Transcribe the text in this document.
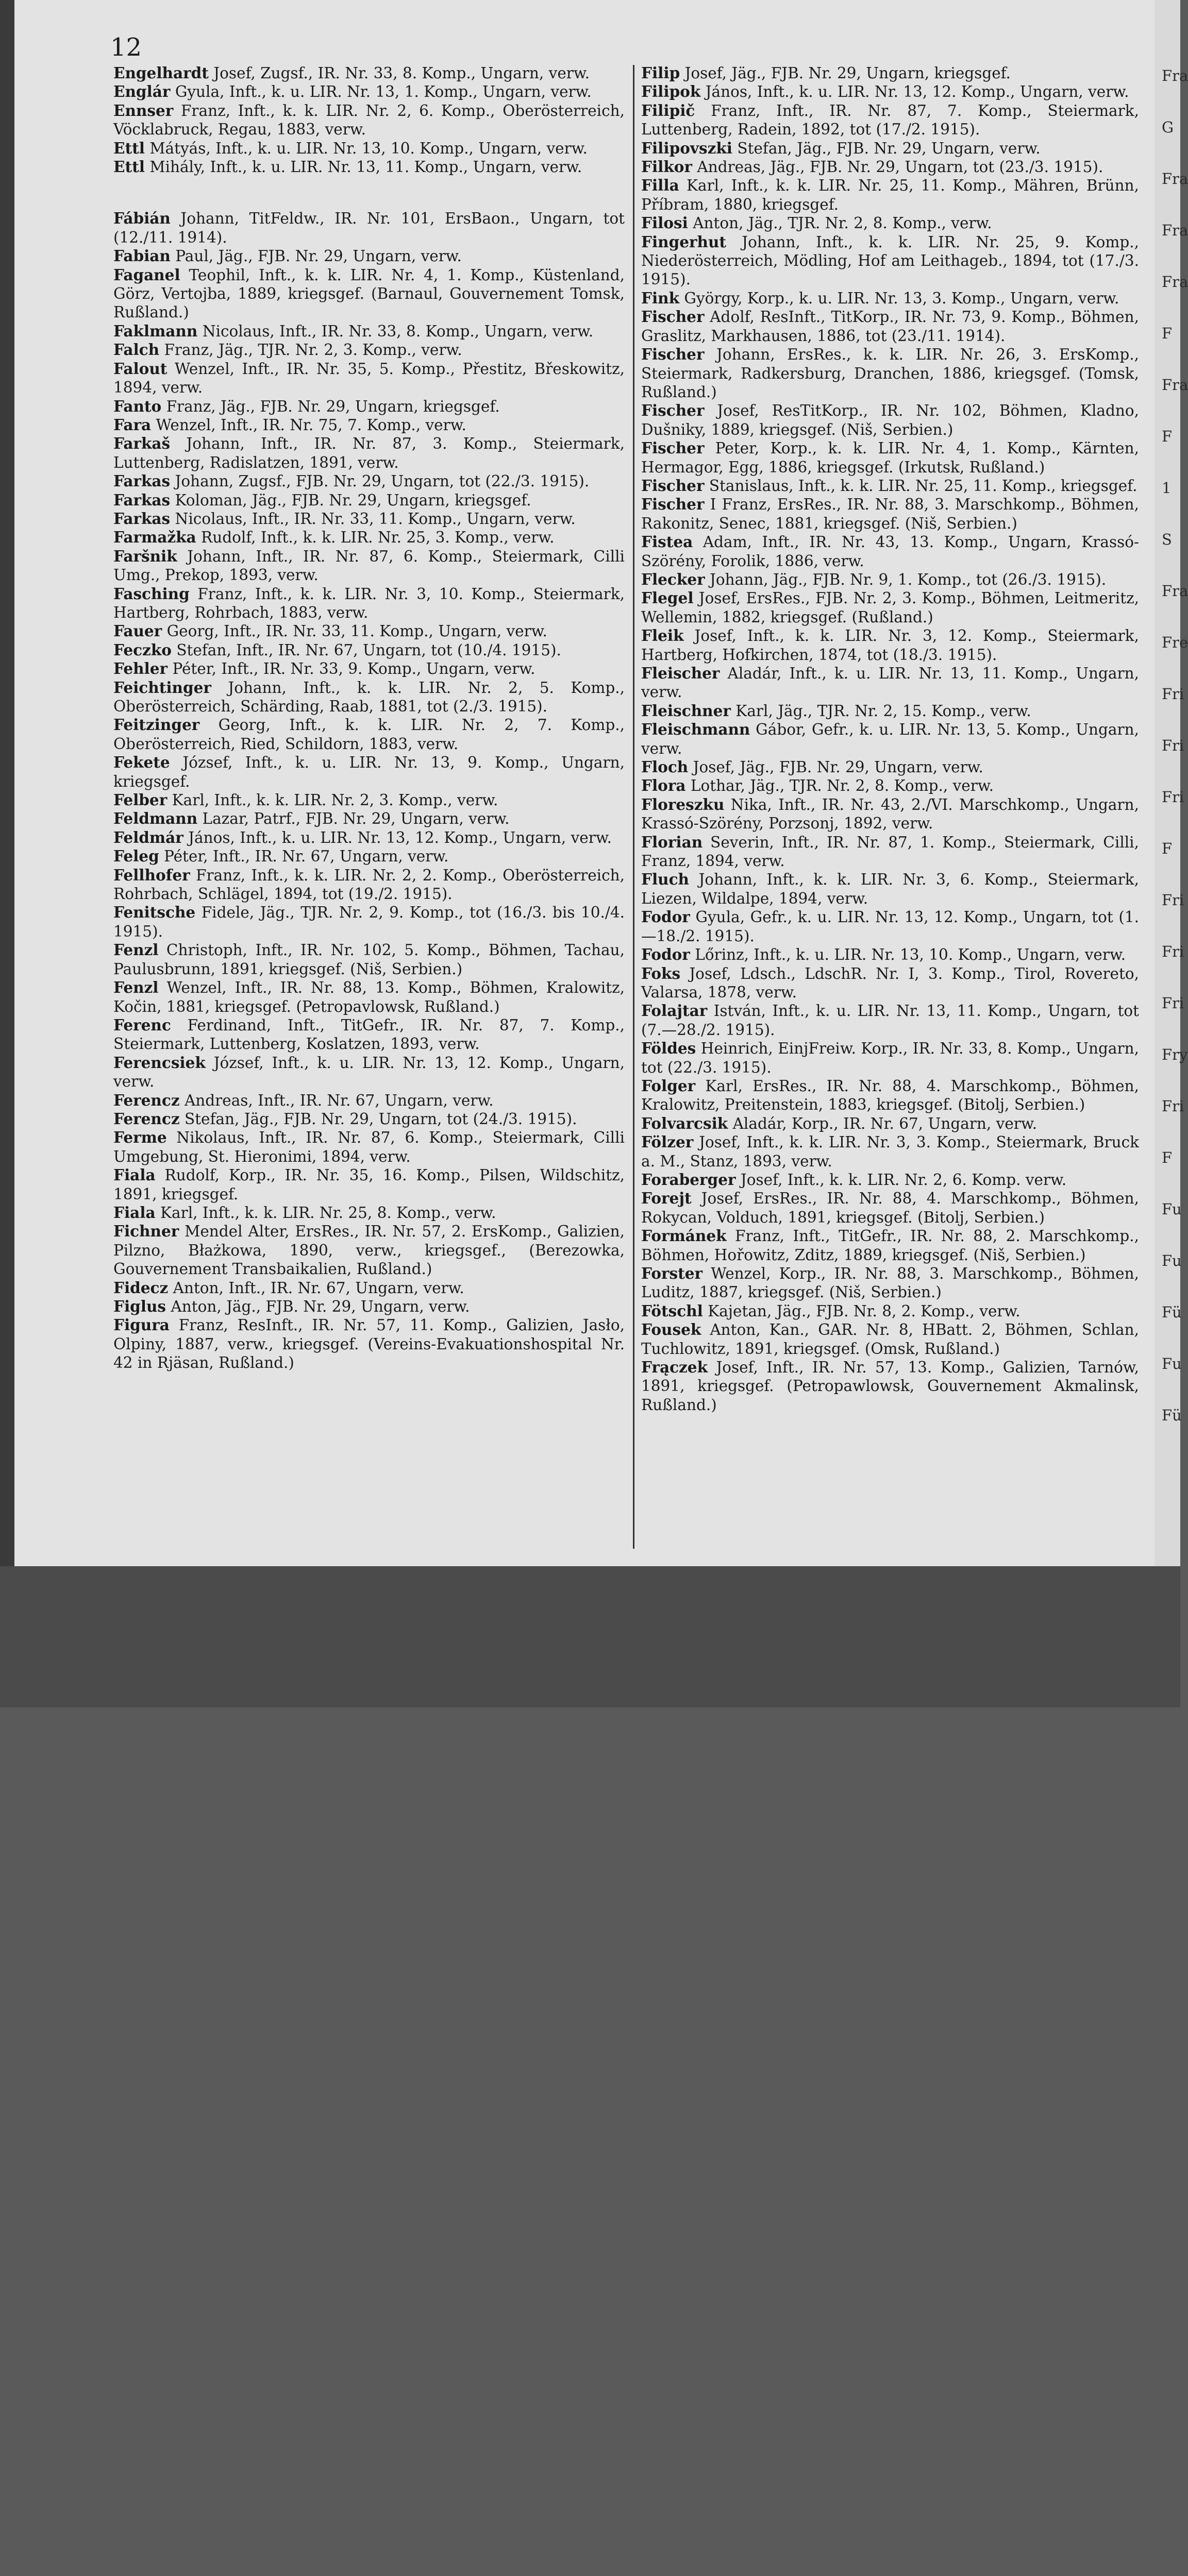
12

Engelhardt Josef, Zugsf., IR. Nr. 33, 8. Komp., Ungarn, verw.

Englár Gyula, Inft., k. u. LIR. Nr. 13, 1. Komp., Ungarn, verw.

Ennser Franz, Inft., k. k. LIR. Nr. 2, 6. Komp., Oberösterreich, Vöcklabruck, Regau, 1883, verw.

Ettl Mátyás, Inft., k. u. LIR. Nr. 13, 10. Komp., Ungarn, verw.

Ettl Mihály, Inft., k. u. LIR. Nr. 13, 11. Komp., Ungarn, verw.

Fábián Johann, TitFeldw., IR. Nr. 101, ErsBaon., Ungarn, tot (12./11. 1914).

Fabian Paul, Jäg., FJB. Nr. 29, Ungarn, verw.

Faganel Teophil, Inft., k. k. LIR. Nr. 4, 1. Komp., Küstenland, Görz, Vertojba, 1889, kriegsgef. (Barnaul, Gouvernement Tomsk, Rußland.)

Faklmann Nicolaus, Inft., IR. Nr. 33, 8. Komp., Ungarn, verw.

Falch Franz, Jäg., TJR. Nr. 2, 3. Komp., verw.

Falout Wenzel, Inft., IR. Nr. 35, 5. Komp., Přestitz, Břeskowitz, 1894, verw.

Fanto Franz, Jäg., FJB. Nr. 29, Ungarn, kriegsgef.

Fara Wenzel, Inft., IR. Nr. 75, 7. Komp., verw.

Farkaš Johann, Inft., IR. Nr. 87, 3. Komp., Steiermark, Luttenberg, Radislatzen, 1891, verw.

Farkas Johann, Zugsf., FJB. Nr. 29, Ungarn, tot (22./3. 1915).

Farkas Koloman, Jäg., FJB. Nr. 29, Ungarn, kriegsgef.

Farkas Nicolaus, Inft., IR. Nr. 33, 11. Komp., Ungarn, verw.

Farmažka Rudolf, Inft., k. k. LIR. Nr. 25, 3. Komp., verw.

Faršnik Johann, Inft., IR. Nr. 87, 6. Komp., Steiermark, Cilli Umg., Prekop, 1893, verw.

Fasching Franz, Inft., k. k. LIR. Nr. 3, 10. Komp., Steiermark, Hartberg, Rohrbach, 1883, verw.

Fauer Georg, Inft., IR. Nr. 33, 11. Komp., Ungarn, verw.

Feczko Stefan, Inft., IR. Nr. 67, Ungarn, tot (10./4. 1915).

Fehler Péter, Inft., IR. Nr. 33, 9. Komp., Ungarn, verw.

Feichtinger Johann, Inft., k. k. LIR. Nr. 2, 5. Komp., Oberösterreich, Schärding, Raab, 1881, tot (2./3. 1915).

Feitzinger Georg, Inft., k. k. LIR. Nr. 2, 7. Komp., Oberösterreich, Ried, Schildorn, 1883, verw.

Fekete József, Inft., k. u. LIR. Nr. 13, 9. Komp., Ungarn, kriegsgef.

Felber Karl, Inft., k. k. LIR. Nr. 2, 3. Komp., verw.

Feldmann Lazar, Patrf., FJB. Nr. 29, Ungarn, verw.

Feldmár János, Inft., k. u. LIR. Nr. 13, 12. Komp., Ungarn, verw.

Feleg Péter, Inft., IR. Nr. 67, Ungarn, verw.

Fellhofer Franz, Inft., k. k. LIR. Nr. 2, 2. Komp., Oberösterreich, Rohrbach, Schlägel, 1894, tot (19./2. 1915).

Fenitsche Fidele, Jäg., TJR. Nr. 2, 9. Komp., tot (16./3. bis 10./4. 1915).

Fenzl Christoph, Inft., IR. Nr. 102, 5. Komp., Böhmen, Tachau, Paulusbrunn, 1891, kriegsgef. (Niš, Serbien.)

Fenzl Wenzel, Inft., IR. Nr. 88, 13. Komp., Böhmen, Kralowitz, Kočin, 1881, kriegsgef. (Petropavlowsk, Rußland.)

Ferenc Ferdinand, Inft., TitGefr., IR. Nr. 87, 7. Komp., Steiermark, Luttenberg, Koslatzen, 1893, verw.

Ferencsiek József, Inft., k. u. LIR. Nr. 13, 12. Komp., Ungarn, verw.

Ferencz Andreas, Inft., IR. Nr. 67, Ungarn, verw.

Ferencz Stefan, Jäg., FJB. Nr. 29, Ungarn, tot (24./3. 1915).

Ferme Nikolaus, Inft., IR. Nr. 87, 6. Komp., Steiermark, Cilli Umgebung, St. Hieronimi, 1894, verw.

Fiala Rudolf, Korp., IR. Nr. 35, 16. Komp., Pilsen, Wildschitz, 1891, kriegsgef.

Fiala Karl, Inft., k. k. LIR. Nr. 25, 8. Komp., verw.

Fichner Mendel Alter, ErsRes., IR. Nr. 57, 2. ErsKomp., Galizien, Pilzno, Błażkowa, 1890, verw., kriegsgef., (Berezowka, Gouvernement Transbaikalien, Rußland.)

Fidecz Anton, Inft., IR. Nr. 67, Ungarn, verw.

Figlus Anton, Jäg., FJB. Nr. 29, Ungarn, verw.

Figura Franz, ResInft., IR. Nr. 57, 11. Komp., Galizien, Jasło, Olpiny, 1887, verw., kriegsgef. (Vereins-Evakuationshospital Nr. 42 in Rjäsan, Rußland.)

Filip Josef, Jäg., FJB. Nr. 29, Ungarn, kriegsgef.

Filipok János, Inft., k. u. LIR. Nr. 13, 12. Komp., Ungarn, verw.

Filipič Franz, Inft., IR. Nr. 87, 7. Komp., Steiermark, Luttenberg, Radein, 1892, tot (17./2. 1915).

Filipovszki Stefan, Jäg., FJB. Nr. 29, Ungarn, verw.

Filkor Andreas, Jäg., FJB. Nr. 29, Ungarn, tot (23./3. 1915).

Filla Karl, Inft., k. k. LIR. Nr. 25, 11. Komp., Mähren, Brünn, Příbram, 1880, kriegsgef.

Filosi Anton, Jäg., TJR. Nr. 2, 8. Komp., verw.

Fingerhut Johann, Inft., k. k. LIR. Nr. 25, 9. Komp., Niederösterreich, Mödling, Hof am Leithageb., 1894, tot (17./3. 1915).

Fink György, Korp., k. u. LIR. Nr. 13, 3. Komp., Ungarn, verw.

Fischer Adolf, ResInft., TitKorp., IR. Nr. 73, 9. Komp., Böhmen, Graslitz, Markhausen, 1886, tot (23./11. 1914).

Fischer Johann, ErsRes., k. k. LIR. Nr. 26, 3. ErsKomp., Steiermark, Radkersburg, Dranchen, 1886, kriegsgef. (Tomsk, Rußland.)

Fischer Josef, ResTitKorp., IR. Nr. 102, Böhmen, Kladno, Dušniky, 1889, kriegsgef. (Niš, Serbien.)

Fischer Peter, Korp., k. k. LIR. Nr. 4, 1. Komp., Kärnten, Hermagor, Egg, 1886, kriegsgef. (Irkutsk, Rußland.)

Fischer Stanislaus, Inft., k. k. LIR. Nr. 25, 11. Komp., kriegsgef.

Fischer I Franz, ErsRes., IR. Nr. 88, 3. Marschkomp., Böhmen, Rakonitz, Senec, 1881, kriegsgef. (Niš, Serbien.)

Fistea Adam, Inft., IR. Nr. 43, 13. Komp., Ungarn, Krassó-Szörény, Forolik, 1886, verw.

Flecker Johann, Jäg., FJB. Nr. 9, 1. Komp., tot (26./3. 1915).

Flegel Josef, ErsRes., FJB. Nr. 2, 3. Komp., Böhmen, Leitmeritz, Wellemin, 1882, kriegsgef. (Rußland.)

Fleik Josef, Inft., k. k. LIR. Nr. 3, 12. Komp., Steiermark, Hartberg, Hofkirchen, 1874, tot (18./3. 1915).

Fleischer Aladár, Inft., k. u. LIR. Nr. 13, 11. Komp., Ungarn, verw.

Fleischner Karl, Jäg., TJR. Nr. 2, 15. Komp., verw.

Fleischmann Gábor, Gefr., k. u. LIR. Nr. 13, 5. Komp., Ungarn, verw.

Floch Josef, Jäg., FJB. Nr. 29, Ungarn, verw.

Flora Lothar, Jäg., TJR. Nr. 2, 8. Komp., verw.

Floreszku Nika, Inft., IR. Nr. 43, 2./VI. Marschkomp., Ungarn, Krassó-Szörény, Porzsonj, 1892, verw.

Florian Severin, Inft., IR. Nr. 87, 1. Komp., Steiermark, Cilli, Franz, 1894, verw.

Fluch Johann, Inft., k. k. LIR. Nr. 3, 6. Komp., Steiermark, Liezen, Wildalpe, 1894, verw.

Fodor Gyula, Gefr., k. u. LIR. Nr. 13, 12. Komp., Ungarn, tot (1.—18./2. 1915).

Fodor Lőrinz, Inft., k. u. LIR. Nr. 13, 10. Komp., Ungarn, verw.

Foks Josef, Ldsch., LdschR. Nr. I, 3. Komp., Tirol, Rovereto, Valarsa, 1878, verw.

Folajtar István, Inft., k. u. LIR. Nr. 13, 11. Komp., Ungarn, tot (7.—28./2. 1915).

Földes Heinrich, EinjFreiw. Korp., IR. Nr. 33, 8. Komp., Ungarn, tot (22./3. 1915).

Folger Karl, ErsRes., IR. Nr. 88, 4. Marschkomp., Böhmen, Kralowitz, Preitenstein, 1883, kriegsgef. (Bitolj, Serbien.)

Folvarcsik Aladár, Korp., IR. Nr. 67, Ungarn, verw.

Fölzer Josef, Inft., k. k. LIR. Nr. 3, 3. Komp., Steiermark, Bruck a. M., Stanz, 1893, verw.

Foraberger Josef, Inft., k. k. LIR. Nr. 2, 6. Komp. verw.

Forejt Josef, ErsRes., IR. Nr. 88, 4. Marschkomp., Böhmen, Rokycan, Volduch, 1891, kriegsgef. (Bitolj, Serbien.)

Formánek Franz, Inft., TitGefr., IR. Nr. 88, 2. Marschkomp., Böhmen, Hořowitz, Zditz, 1889, kriegsgef. (Niš, Serbien.)

Forster Wenzel, Korp., IR. Nr. 88, 3. Marschkomp., Böhmen, Luditz, 1887, kriegsgef. (Niš, Serbien.)

Fötschl Kajetan, Jäg., FJB. Nr. 8, 2. Komp., verw.

Fousek Anton, Kan., GAR. Nr. 8, HBatt. 2, Böhmen, Schlan, Tuchlowitz, 1891, kriegsgef. (Omsk, Rußland.)

Frączek Josef, Inft., IR. Nr. 57, 13. Komp., Galizien, Tarnów, 1891, kriegsgef. (Petropawlowsk, Gouvernement Akmalinsk, Rußland.)

Fra
G
Fra
Fra
Fra
F
Fra
F
1
S
Fra
Fre
Fri
Fri
Fri
F
Fri
Fri
Fri
Fry
Fri
F
Fu
Fu
Fü
Fu
Fü
